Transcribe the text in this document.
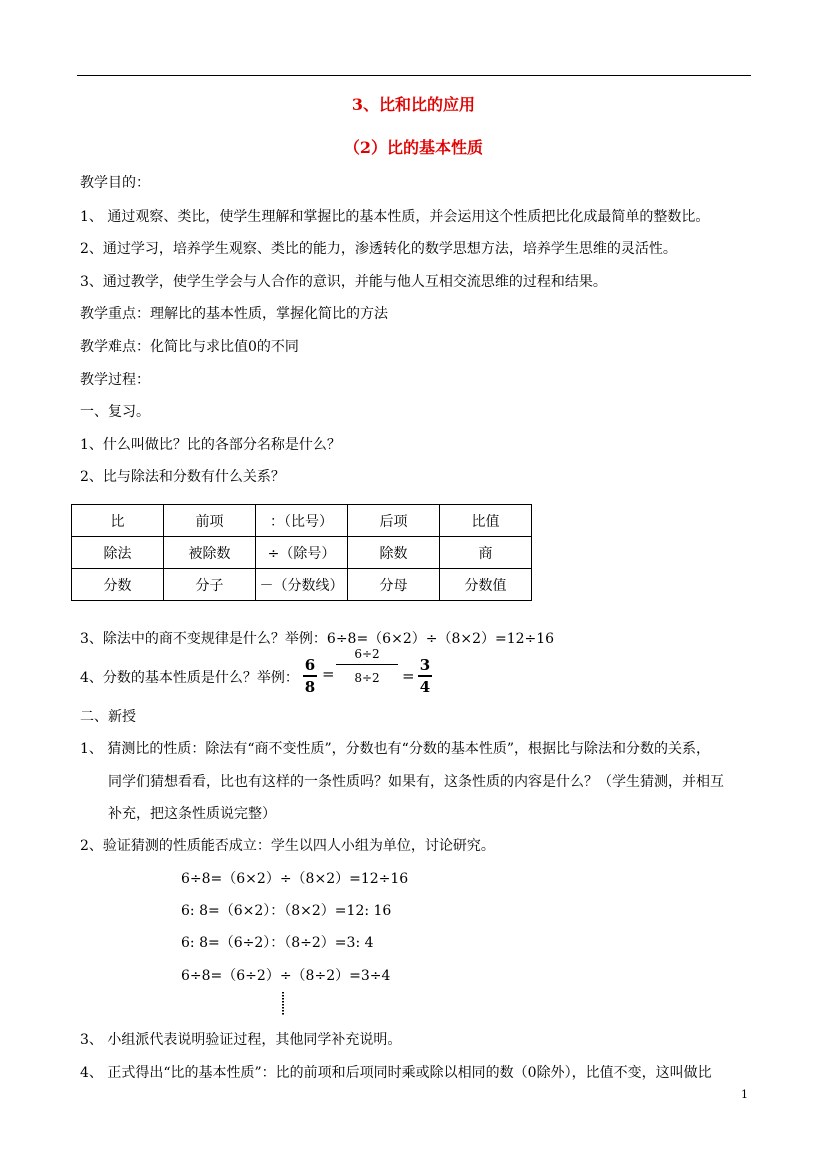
3、比和比的应用
（2）比的基本性质
教学目的：
1、 通过观察、类比，使学生理解和掌握比的基本性质，并会运用这个性质把比化成最简单的整数比。
2、通过学习，培养学生观察、类比的能力，渗透转化的数学思想方法，培养学生思维的灵活性。
3、通过教学，使学生学会与人合作的意识，并能与他人互相交流思维的过程和结果。
教学重点：理解比的基本性质，掌握化简比的方法
教学难点：化简比与求比值0的不同
教学过程：
一、复习。
1、什么叫做比？比的各部分名称是什么？
2、比与除法和分数有什么关系？
比	前项	：（比号）	后项	比值
除法	被除数	÷（除号）	除数	商
分数	分子	－（分数线）	分母	分数值
3、除法中的商不变规律是什么？举例：6÷8=（6×2）÷（8×2）=12÷16
4、分数的基本性质是什么？举例：
6
8
=
6÷2
8÷2	=
3
4
二、新授
1、 猜测比的性质：除法有“商不变性质”，分数也有“分数的基本性质”，根据比与除法和分数的关系，
同学们猜想看看，比也有这样的一条性质吗？如果有，这条性质的内容是什么？（学生猜测，并相互
补充，把这条性质说完整）
2、验证猜测的性质能否成立：学生以四人小组为单位，讨论研究。
6÷8=（6×2）÷（8×2）=12÷16
6: 8=（6×2）：（8×2）=12: 16
6: 8=（6÷2）：（8÷2）=3: 4
6÷8=（6÷2）÷（8÷2）=3÷4
3、 小组派代表说明验证过程，其他同学补充说明。
4、 正式得出“比的基本性质”：比的前项和后项同时乘或除以相同的数（0除外），比值不变，这叫做比
1
